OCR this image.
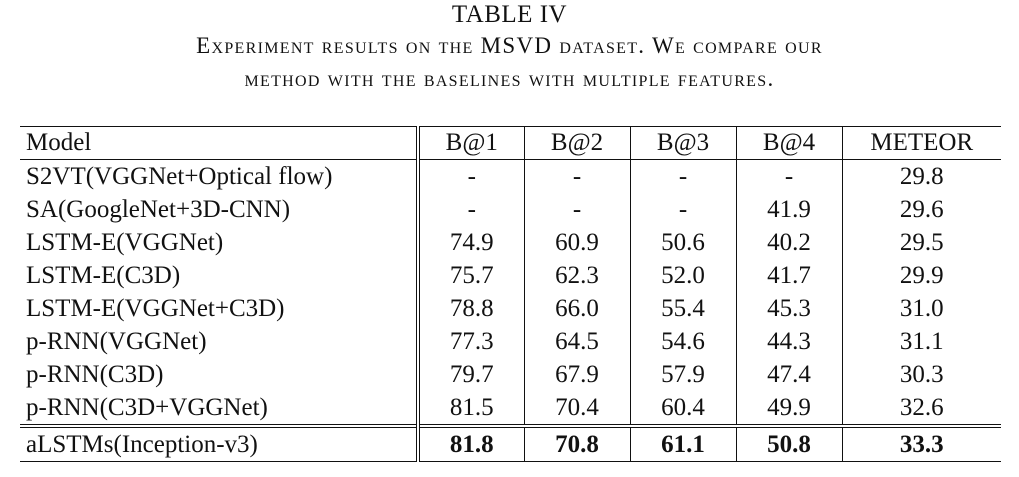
TABLE IV
Experiment results on the MSVD dataset. We compare our
method with the baselines with multiple features.
Model	B@1	B@2	B@3	B@4	METEOR
S2VT(VGGNet+Optical flow)	-	-	-	-	29.8
SA(GoogleNet+3D-CNN)	-	-	-	41.9	29.6
LSTM-E(VGGNet)	74.9	60.9	50.6	40.2	29.5
LSTM-E(C3D)	75.7	62.3	52.0	41.7	29.9
LSTM-E(VGGNet+C3D)	78.8	66.0	55.4	45.3	31.0
p-RNN(VGGNet)	77.3	64.5	54.6	44.3	31.1
p-RNN(C3D)	79.7	67.9	57.9	47.4	30.3
p-RNN(C3D+VGGNet)	81.5	70.4	60.4	49.9	32.6
aLSTMs(Inception-v3)	81.8	70.8	61.1	50.8	33.3
